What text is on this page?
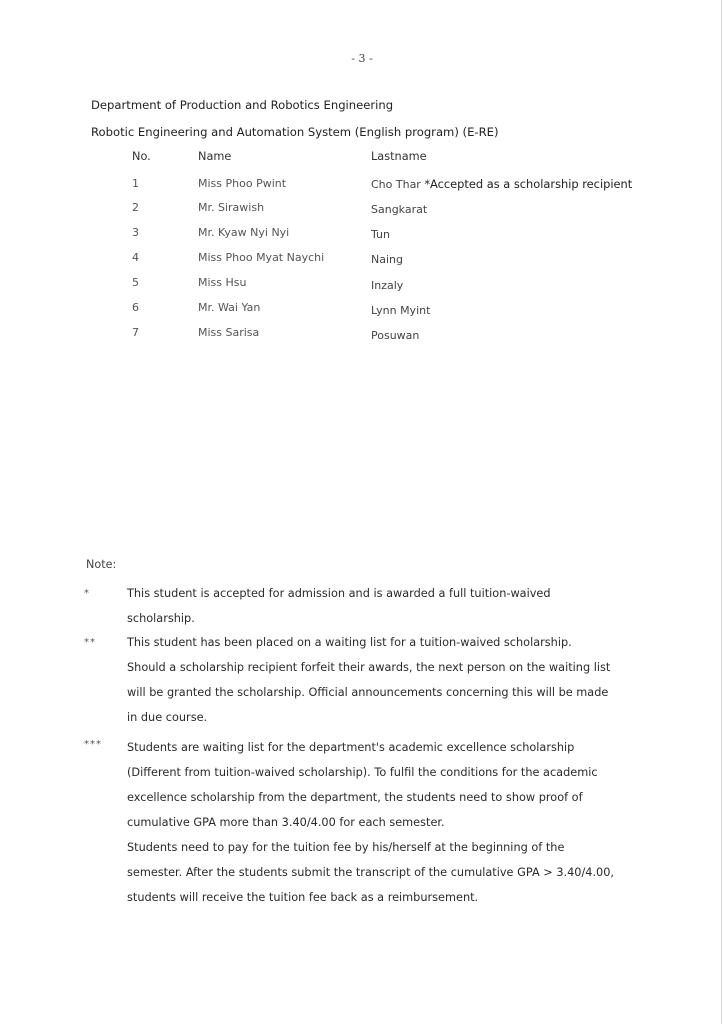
- 3 -
Department of Production and Robotics Engineering
Robotic Engineering and Automation System (English program) (E-RE)
No.	Name	Lastname
1	Miss Phoo Pwint	Cho Thar *Accepted as a scholarship recipient
2	Mr. Sirawish	Sangkarat
3	Mr. Kyaw Nyi Nyi	Tun
4	Miss Phoo Myat Naychi	Naing
5	Miss Hsu	Inzaly
6	Mr. Wai Yan	Lynn Myint
7	Miss Sarisa	Posuwan
Note:
*	This student is accepted for admission and is awarded a full tuition-waived
scholarship.
**	This student has been placed on a waiting list for a tuition-waived scholarship.
Should a scholarship recipient forfeit their awards, the next person on the waiting list
will be granted the scholarship. Official announcements concerning this will be made
in due course.
*** Students are waiting list for the department's academic excellence scholarship
(Different from tuition-waived scholarship). To fulfil the conditions for the academic
excellence scholarship from the department, the students need to show proof of
cumulative GPA more than 3.40/4.00 for each semester.
Students need to pay for the tuition fee by his/herself at the beginning of the
semester. After the students submit the transcript of the cumulative GPA > 3.40/4.00,
students will receive the tuition fee back as a reimbursement.
